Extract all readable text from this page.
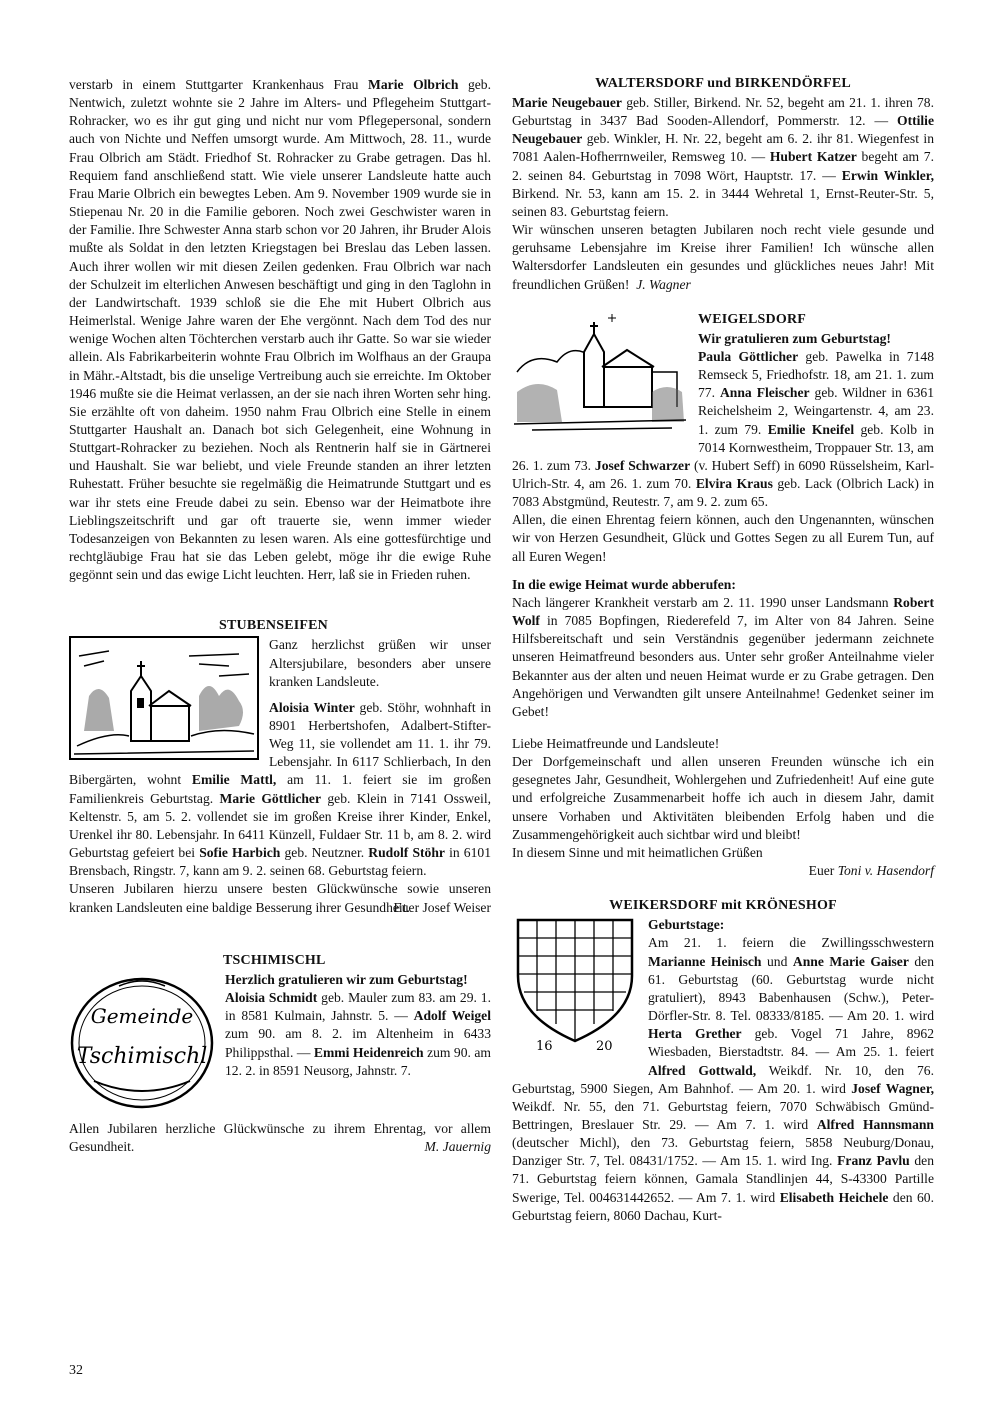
verstarb in einem Stuttgarter Krankenhaus Frau Marie Olbrich geb. Nentwich, zuletzt wohnte sie 2 Jahre im Alters- und Pflegeheim Stuttgart-Rohracker, wo es ihr gut ging und nicht nur vom Pflegepersonal, sondern auch von Nichte und Neffen umsorgt wurde. Am Mittwoch, 28. 11., wurde Frau Olbrich am Städt. Friedhof St. Rohracker zu Grabe getragen. Das hl. Requiem fand anschließend statt. Wie viele unserer Landsleute hatte auch Frau Marie Olbrich ein bewegtes Leben. Am 9. November 1909 wurde sie in Stiepenau Nr. 20 in die Familie geboren. Noch zwei Geschwister waren in der Familie. Ihre Schwester Anna starb schon vor 20 Jahren, ihr Bruder Alois mußte als Soldat in den letzten Kriegstagen bei Breslau das Leben lassen. Auch ihrer wollen wir mit diesen Zeilen gedenken. Frau Olbrich war nach der Schulzeit im elterlichen Anwesen beschäftigt und ging in den Taglohn in der Landwirtschaft. 1939 schloß sie die Ehe mit Hubert Olbrich aus Heimerlstal. Wenige Jahre waren der Ehe vergönnt. Nach dem Tod des nur wenige Wochen alten Töchterchen verstarb auch ihr Gatte. So war sie wieder allein. Als Fabrikarbeiterin wohnte Frau Olbrich im Wolfhaus an der Graupa in Mähr.-Altstadt, bis die unselige Vertreibung auch sie erreichte. Im Oktober 1946 mußte sie die Heimat verlassen, an der sie nach ihren Worten sehr hing. Sie erzählte oft von daheim. 1950 nahm Frau Olbrich eine Stelle in einem Stuttgarter Haushalt an. Danach bot sich Gelegenheit, eine Wohnung in Stuttgart-Rohracker zu beziehen. Noch als Rentnerin half sie in Gärtnerei und Haushalt. Sie war beliebt, und viele Freunde standen an ihrer letzten Ruhestatt. Früher besuchte sie regelmäßig die Heimatrunde Stuttgart und es war ihr stets eine Freude dabei zu sein. Ebenso war der Heimatbote ihre Lieblingszeitschrift und gar oft trauerte sie, wenn immer wieder Todesanzeigen von Bekannten zu lesen waren. Als eine gottesfürchtige und rechtgläubige Frau hat sie das Leben gelebt, möge ihr die ewige Ruhe gegönnt sein und das ewige Licht leuchten. Herr, laß sie in Frieden ruhen.

STUBENSEIFEN

Ganz herzlichst grüßen wir unser Altersjubilare, besonders aber unsere kranken Landsleute.

Aloisia Winter geb. Stöhr, wohnhaft in 8901 Herbertshofen, Adalbert-Stifter-Weg 11, sie vollendet am 11. 1. ihr 79. Lebensjahr. In 6117 Schlierbach, In den Bibergärten, wohnt Emilie Mattl, am 11. 1. feiert sie im großen Familienkreis Geburtstag. Marie Göttlicher geb. Klein in 7141 Ossweil, Keltenstr. 5, am 5. 2. vollendet sie im großen Kreise ihrer Kinder, Enkel, Urenkel ihr 80. Lebensjahr. In 6411 Künzell, Fuldaer Str. 11 b, am 8. 2. wird Geburtstag gefeiert bei Sofie Harbich geb. Neutzner. Rudolf Stöhr in 6101 Brensbach, Ringstr. 7, kann am 9. 2. seinen 68. Geburtstag feiern.

Unseren Jubilaren hierzu unsere besten Glückwünsche sowie unseren kranken Landsleuten eine baldige Besserung ihrer Gesundheit.

Euer Josef Weiser
TSCHIMISCHL
Gemeinde
Tschimischl

Herzlich gratulieren wir zum Geburtstag!

Aloisia Schmidt geb. Mauler zum 83. am 29. 1. in 8581 Kulmain, Jahnstr. 5. — Adolf Weigel zum 90. am 8. 2. im Altenheim in 6433 Philippsthal. — Emmi Heidenreich zum 90. am 12. 2. in 8591 Neusorg, Jahnstr. 7.

Allen Jubilaren herzliche Glückwünsche zu ihrem Ehrentag, vor allem Gesundheit.	M. Jauernig
WALTERSDORF und BIRKENDÖRFEL

Marie Neugebauer geb. Stiller, Birkend. Nr. 52, begeht am 21. 1. ihren 78. Geburtstag in 3437 Bad Sooden-Allendorf, Pommerstr. 12. — Ottilie Neugebauer geb. Winkler, H. Nr. 22, begeht am 6. 2. ihr 81. Wiegenfest in 7081 Aalen-Hofherrnweiler, Remsweg 10. — Hubert Katzer begeht am 7. 2. seinen 84. Geburtstag in 7098 Wört, Hauptstr. 17. — Erwin Winkler, Birkend. Nr. 53, kann am 15. 2. in 3444 Wehretal 1, Ernst-Reuter-Str. 5, seinen 83. Geburtstag feiern.

Wir wünschen unseren betagten Jubilaren noch recht viele gesunde und geruhsame Lebensjahre im Kreise ihrer Familien! Ich wünsche allen Waltersdorfer Landsleuten ein gesundes und glückliches neues Jahr! Mit freundlichen Grüßen! J. Wagner

WEIGELSDORF

Wir gratulieren zum Geburtstag!

Paula Göttlicher geb. Pawelka in 7148 Remseck 5, Friedhofstr. 18, am 21. 1. zum 77. Anna Fleischer geb. Wildner in 6361 Reichelsheim 2, Weingartenstr. 4, am 23. 1. zum 79. Emilie Kneifel geb. Kolb in 7014 Kornwestheim, Troppauer Str. 13, am 26. 1. zum 73. Josef Schwarzer (v. Hubert Seff) in 6090 Rüsselsheim, Karl-Ulrich-Str. 4, am 26. 1. zum 70. Elvira Kraus geb. Lack (Olbrich Lack) in 7083 Abstgmünd, Reutestr. 7, am 9. 2. zum 65.

Allen, die einen Ehrentag feiern können, auch den Ungenannten, wünschen wir von Herzen Gesundheit, Glück und Gottes Segen zu all Eurem Tun, auf all Euren Wegen!

In die ewige Heimat wurde abberufen:

Nach längerer Krankheit verstarb am 2. 11. 1990 unser Landsmann Robert Wolf in 7085 Bopfingen, Riederefeld 7, im Alter von 84 Jahren. Seine Hilfsbereitschaft und sein Verständnis gegenüber jedermann zeichnete unseren Heimatfreund besonders aus. Unter sehr großer Anteilnahme vieler Bekannter aus der alten und neuen Heimat wurde er zu Grabe getragen. Den Angehörigen und Verwandten gilt unsere Anteilnahme! Gedenket seiner im Gebet!

Liebe Heimatfreunde und Landsleute!

Der Dorfgemeinschaft und allen unseren Freunden wünsche ich ein gesegnetes Jahr, Gesundheit, Wohlergehen und Zufriedenheit! Auf eine gute und erfolgreiche Zusammenarbeit hoffe ich auch in diesem Jahr, damit unsere Vorhaben und Aktivitäten bleibenden Erfolg haben und die Zusammengehörigkeit auch sichtbar wird und bleibt!

In diesem Sinne und mit heimatlichen Grüßen

Euer Toni v. Hasendorf
WEIKERSDORF mit KRÖNESHOF
16	20

Geburtstage:

Am 21. 1. feiern die Zwillingsschwestern Marianne Heinisch und Anne Marie Gaiser den 61. Geburtstag (60. Geburtstag wurde nicht gratuliert), 8943 Babenhausen (Schw.), Peter-Dörfler-Str. 8. Tel. 08333/8185. — Am 20. 1. wird Herta Grether geb. Vogel 71 Jahre, 8962 Wiesbaden, Bierstadtstr. 84. — Am 25. 1. feiert Alfred Gottwald, Weikdf. Nr. 10, den 76. Geburtstag, 5900 Siegen, Am Bahnhof. — Am 20. 1. wird Josef Wagner, Weikdf. Nr. 55, den 71. Geburtstag feiern, 7070 Schwäbisch Gmünd-Bettringen, Breslauer Str. 29. — Am 7. 1. wird Alfred Hannsmann (deutscher Michl), den 73. Geburtstag feiern, 5858 Neuburg/Donau, Danziger Str. 7, Tel. 08431/1752. — Am 15. 1. wird Ing. Franz Pavlu den 71. Geburtstag feiern können, Gamala Standlinjen 44, S-43300 Partille Swerige, Tel. 004631442652. — Am 7. 1. wird Elisabeth Heichele den 60. Geburtstag feiern, 8060 Dachau, Kurt-

32
